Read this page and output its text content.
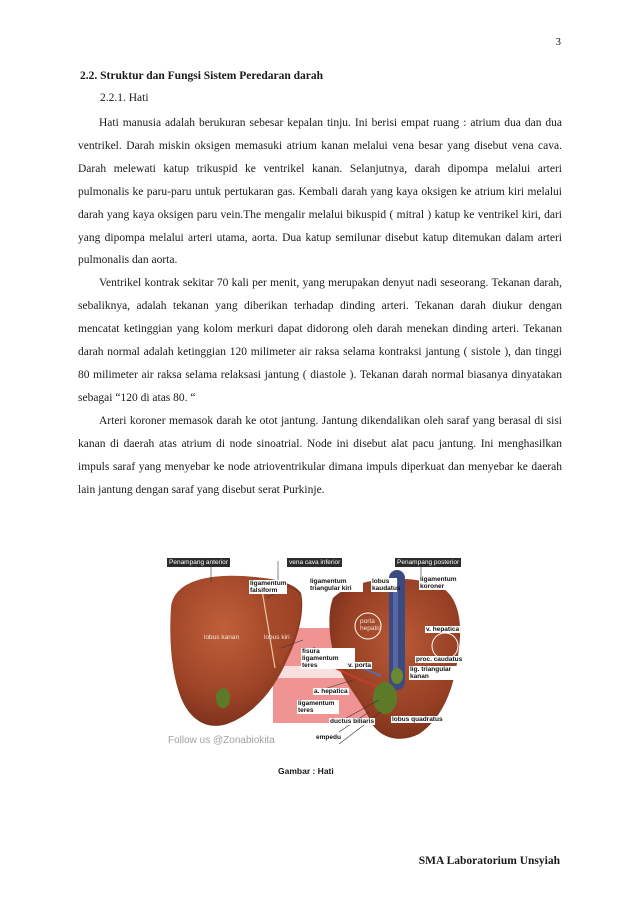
3
2.2. Struktur dan Fungsi Sistem Peredaran darah
2.2.1. Hati

Hati manusia adalah berukuran sebesar kepalan tinju. Ini berisi empat ruang : atrium dua dan dua ventrikel. Darah miskin oksigen memasuki atrium kanan melalui vena besar yang disebut vena cava. Darah melewati katup trikuspid ke ventrikel kanan. Selanjutnya, darah dipompa melalui arteri pulmonalis ke paru-paru untuk pertukaran gas. Kembali darah yang kaya oksigen ke atrium kiri melalui darah yang kaya oksigen paru vein.The mengalir melalui bikuspid ( mitral ) katup ke ventrikel kiri, dari yang dipompa melalui arteri utama, aorta. Dua katup semilunar disebut katup ditemukan dalam arteri pulmonalis dan aorta.

Ventrikel kontrak sekitar 70 kali per menit, yang merupakan denyut nadi seseorang. Tekanan darah, sebaliknya, adalah tekanan yang diberikan terhadap dinding arteri. Tekanan darah diukur dengan mencatat ketinggian yang kolom merkuri dapat didorong oleh darah menekan dinding arteri. Tekanan darah normal adalah ketinggian 120 milimeter air raksa selama kontraksi jantung ( sistole ), dan tinggi 80 milimeter air raksa selama relaksasi jantung ( diastole ). Tekanan darah normal biasanya dinyatakan sebagai “120 di atas 80. “

Arteri koroner memasok darah ke otot jantung. Jantung dikendalikan oleh saraf yang berasal di sisi kanan di daerah atas atrium di node sinoatrial. Node ini disebut alat pacu jantung. Ini menghasilkan impuls saraf yang menyebar ke node atrioventrikular dimana impuls diperkuat dan menyebar ke daerah lain jantung dengan saraf yang disebut serat Purkinje.

Penampang anterior	vena cava inferior	Penampang posterior
ligamentum falsiform
ligamentum triangular kiri
lobus kaudatus
ligamentum koroner
lobus kanan	lobus kiri
porta hepatis	v. hepatica
fisura ligamentum teres	v. porta
proc. caudatus
lig. triangular kanan
a. hepatica
ligamentum teres
ductus biliaris	lobus quadratus
empedu
Follow us @Zonabiokita
Gambar : Hati
SMA Laboratorium Unsyiah
